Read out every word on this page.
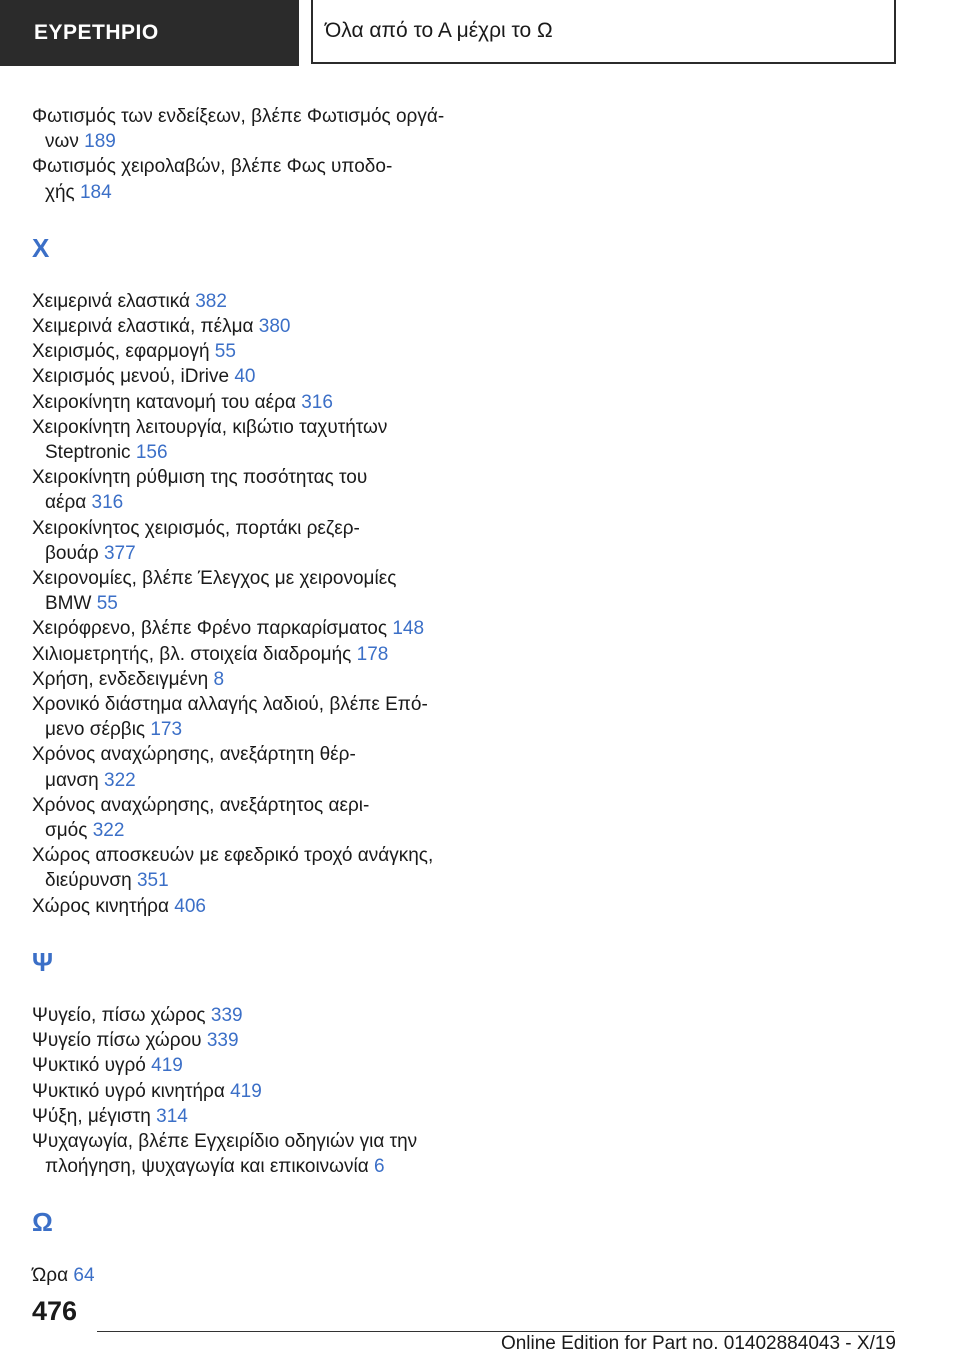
ΕΥΡΕΤΗΡΙΟ	Όλα από το Α μέχρι το Ω
Φωτισμός των ενδείξεων, βλέπε Φωτισμός οργά-
νων 189
Φωτισμός χειρολαβών, βλέπε Φως υποδο-
χής 184
Χ
Χειμερινά ελαστικά 382
Χειμερινά ελαστικά, πέλμα 380
Χειρισμός, εφαρμογή 55
Χειρισμός μενού, iDrive 40
Χειροκίνητη κατανομή του αέρα 316
Χειροκίνητη λειτουργία, κιβώτιο ταχυτήτων
Steptronic 156
Χειροκίνητη ρύθμιση της ποσότητας του
αέρα 316
Χειροκίνητος χειρισμός, πορτάκι ρεζερ-
βουάρ 377
Χειρονομίες, βλέπε Έλεγχος με χειρονομίες
BMW 55
Χειρόφρενο, βλέπε Φρένο παρκαρίσματος 148
Χιλιομετρητής, βλ. στοιχεία διαδρομής 178
Χρήση, ενδεδειγμένη 8
Χρονικό διάστημα αλλαγής λαδιού, βλέπε Επό-
μενο σέρβις 173
Χρόνος αναχώρησης, ανεξάρτητη θέρ-
μανση 322
Χρόνος αναχώρησης, ανεξάρτητος αερι-
σμός 322
Χώρος αποσκευών με εφεδρικό τροχό ανάγκης,
διεύρυνση 351
Χώρος κινητήρα 406
Ψ
Ψυγείο, πίσω χώρος 339
Ψυγείο πίσω χώρου 339
Ψυκτικό υγρό 419
Ψυκτικό υγρό κινητήρα 419
Ψύξη, μέγιστη 314
Ψυχαγωγία, βλέπε Εγχειρίδιο οδηγιών για την
πλοήγηση, ψυχαγωγία και επικοινωνία 6
Ω
Ώρα 64
476
Online Edition for Part no. 01402884043 - X/19
